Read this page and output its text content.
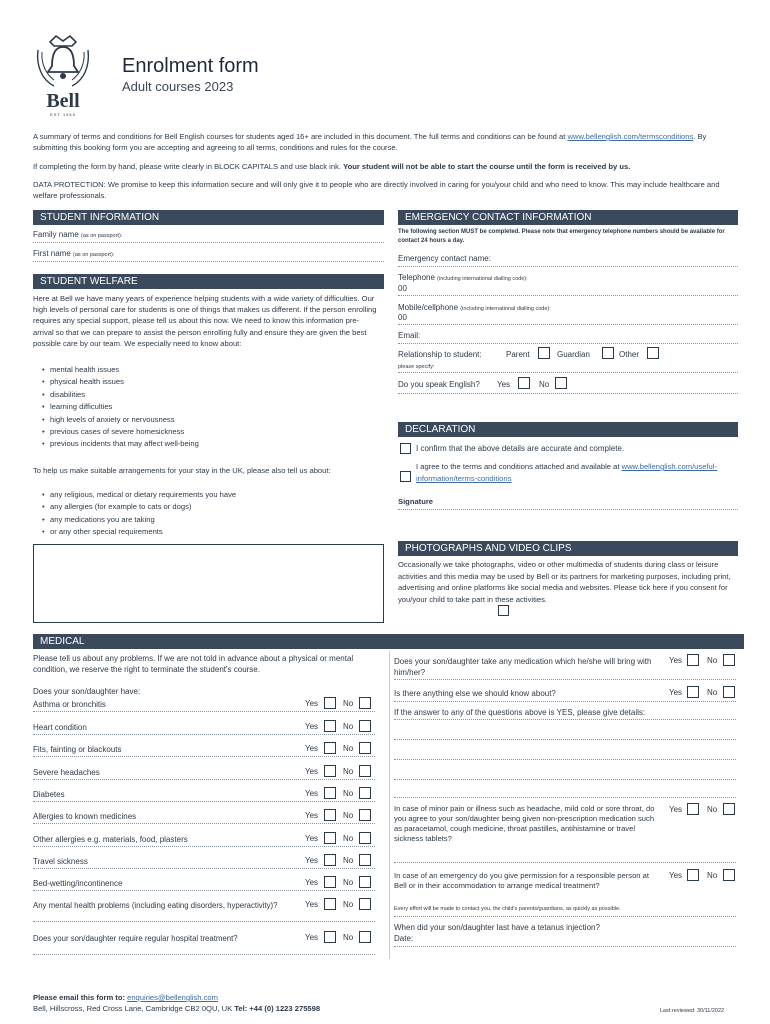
Bell
EST 1955
Enrolment form
Adult courses 2023
A summary of terms and conditions for Bell English courses for students aged 16+ are included in this document. The full terms and conditions can be found at www.bellenglish.com/termsconditions. By submitting this booking form you are accepting and agreeing to all terms, conditions and rules for the course.
If completing the form by hand, please write clearly in BLOCK CAPITALS and use black ink. Your student will not be able to start the course until the form is received by us.
DATA PROTECTION: We promise to keep this information secure and will only give it to people who are directly involved in caring for you/your child and who need to know. This may include healthcare and welfare professionals.
STUDENT INFORMATION
Family name (as on passport):
First name (as on passport):
STUDENT WELFARE
Here at Bell we have many years of experience helping students with a wide variety of difficulties. Our high levels of personal care for students is one of things that makes us different. If the person enrolling requires any special support, please tell us about this now. We need to know this information pre-arrival so that we can prepare to assist the person enrolling fully and ensure they are given the best possible care by our team. We especially need to know about:
• mental health issues
• physical health issues
• disabilities
• learning difficulties
• high levels of anxiety or nervousness
• previous cases of severe homesickness
• previous incidents that may affect well-being
To help us make suitable arrangements for your stay in the UK, please also tell us about:
• any religious, medical or dietary requirements you have
• any allergies (for example to cats or dogs)
• any medications you are taking
• or any other special requirements
EMERGENCY CONTACT INFORMATION
The following section MUST be completed. Please note that emergency telephone numbers should be available for contact 24 hours a day.
Emergency contact name:
Telephone (including international dialling code):
00
Mobile/cellphone (including international dialling code):
00
Email:
Relationship to student:	Parent	Guardian	Other
please specify:
Do you speak English? Yes	No
DECLARATION
I confirm that the above details are accurate and complete.
I agree to the terms and conditions attached and available at www.bellenglish.com/useful-information/terms-conditions
Signature
PHOTOGRAPHS AND VIDEO CLIPS
Occasionally we take photographs, video or other multimedia of students during class or leisure activities and this media may be used by Bell or its partners for marketing purposes, including print, advertising and online platforms like social media and websites. Please tick here if you consent for you/your child to take part in these activities.
MEDICAL
Please tell us about any problems. If we are not told in advance about a physical or mental condition, we reserve the right to terminate the student's course.
Does your son/daughter have:
Asthma or bronchitis	Yes	No
Heart condition	Yes	No
Fits, fainting or blackouts	Yes	No
Severe headaches	Yes	No
Diabetes	Yes	No
Allergies to known medicines	Yes	No
Other allergies e.g. materials, food, plasters	Yes	No
Travel sickness	Yes	No
Bed-wetting/incontinence	Yes	No
Any mental health problems (including eating disorders, hyperactivity)?	Yes	No
Does your son/daughter require regular hospital treatment?	Yes	No
Does your son/daughter take any medication which he/she will bring with him/her?
Yes	No
Is there anything else we should know about?	Yes	No
If the answer to any of the questions above is YES, please give details:
In case of minor pain or illness such as headache, mild cold or sore throat, do you agree to your son/daughter being given non-prescription medication such as paracetamol, cough medicine, throat pastilles, antihistamine or travel sickness tablets?
Yes	No
In case of an emergency do you give permission for a responsible person at Bell or in their accommodation to arrange medical treatment?
Yes	No
Every effort will be made to contact you, the child's parents/guardians, as quickly as possible.
When did your son/daughter last have a tetanus injection?
Date:
Please email this form to: enquiries@bellenglish.com
Bell, Hillscross, Red Cross Lane, Cambridge CB2 0QU, UK Tel: +44 (0) 1223 275598	Last reviewed: 30/11/2022
